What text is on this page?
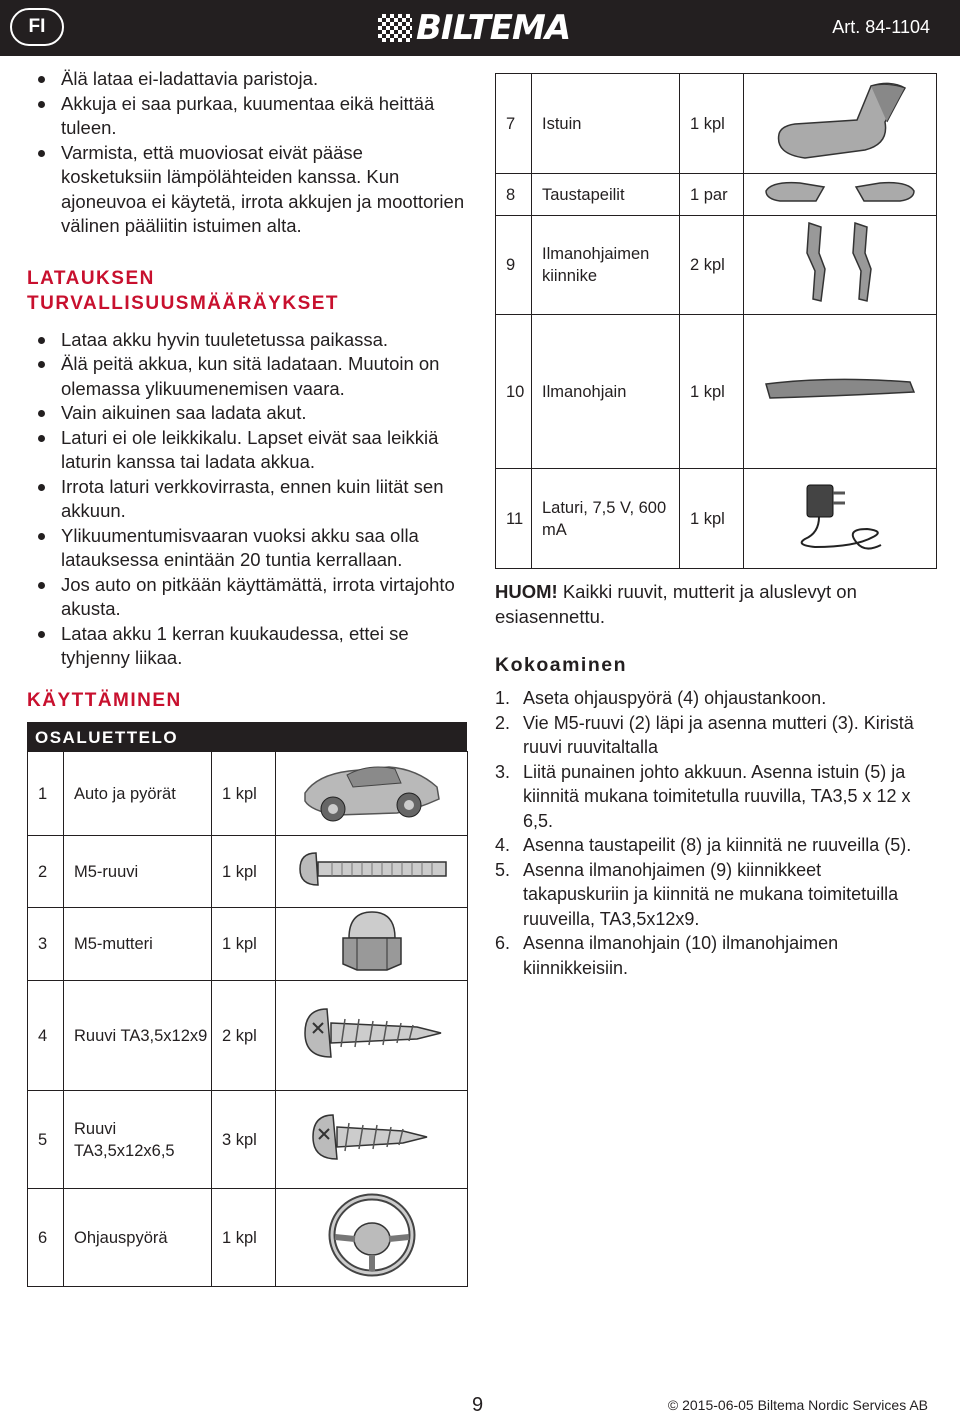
FI	BILTEMA	Art. 84-1104
Älä lataa ei-ladattavia paristoja.
Akkuja ei saa purkaa, kuumentaa eikä heittää tuleen.
Varmista, että muoviosat eivät pääse kosketuksiin lämpölähteiden kanssa. Kun ajoneuvoa ei käytetä, irrota akkujen ja moottorien välinen pääliitin istuimen alta.
LATAUKSEN TURVALLISUUSMÄÄRÄYKSET
Lataa akku hyvin tuuletetussa paikassa.
Älä peitä akkua, kun sitä ladataan. Muutoin on olemassa ylikuumenemisen vaara.
Vain aikuinen saa ladata akut.
Laturi ei ole leikkikalu. Lapset eivät saa leikkiä laturin kanssa tai ladata akkua.
Irrota laturi verkkovirrasta, ennen kuin liität sen akkuun.
Ylikuumentumisvaaran vuoksi akku saa olla latauksessa enintään 20 tuntia kerrallaan.
Jos auto on pitkään käyttämättä, irrota virtajohto akusta.
Lataa akku 1 kerran kuukaudessa, ettei se tyhjenny liikaa.
KÄYTTÄMINEN
OSALUETTELO
1	Auto ja pyörät	1 kpl	
2	M5-ruuvi	1 kpl	
3	M5-mutteri	1 kpl	
4	Ruuvi TA3,5x12x9	2 kpl	
5	Ruuvi TA3,5x12x6,5	3 kpl	
6	Ohjauspyörä	1 kpl	
7	Istuin	1 kpl	
8	Taustapeilit	1 par	
9	Ilmanohjaimen kiinnike	2 kpl	
10	Ilmanohjain	1 kpl	
11	Laturi, 7,5 V, 600 mA	1 kpl	
HUOM! Kaikki ruuvit, mutterit ja aluslevyt on esiasennettu.
Kokoaminen
1. Aseta ohjauspyörä (4) ohjaustankoon.
2. Vie M5-ruuvi (2) läpi ja asenna mutteri (3). Kiristä ruuvi ruuvitaltalla
3. Liitä punainen johto akkuun. Asenna istuin (5) ja kiinnitä mukana toimitetulla ruuvilla, TA3,5 x 12 x 6,5.
4. Asenna taustapeilit (8) ja kiinnitä ne ruuveilla (5).
5. Asenna ilmanohjaimen (9) kiinnikkeet takapuskuriin ja kiinnitä ne mukana toimitetuilla ruuveilla, TA3,5x12x9.
6. Asenna ilmanohjain (10) ilmanohjaimen kiinnikkeisiin.
9	© 2015-06-05 Biltema Nordic Services AB
